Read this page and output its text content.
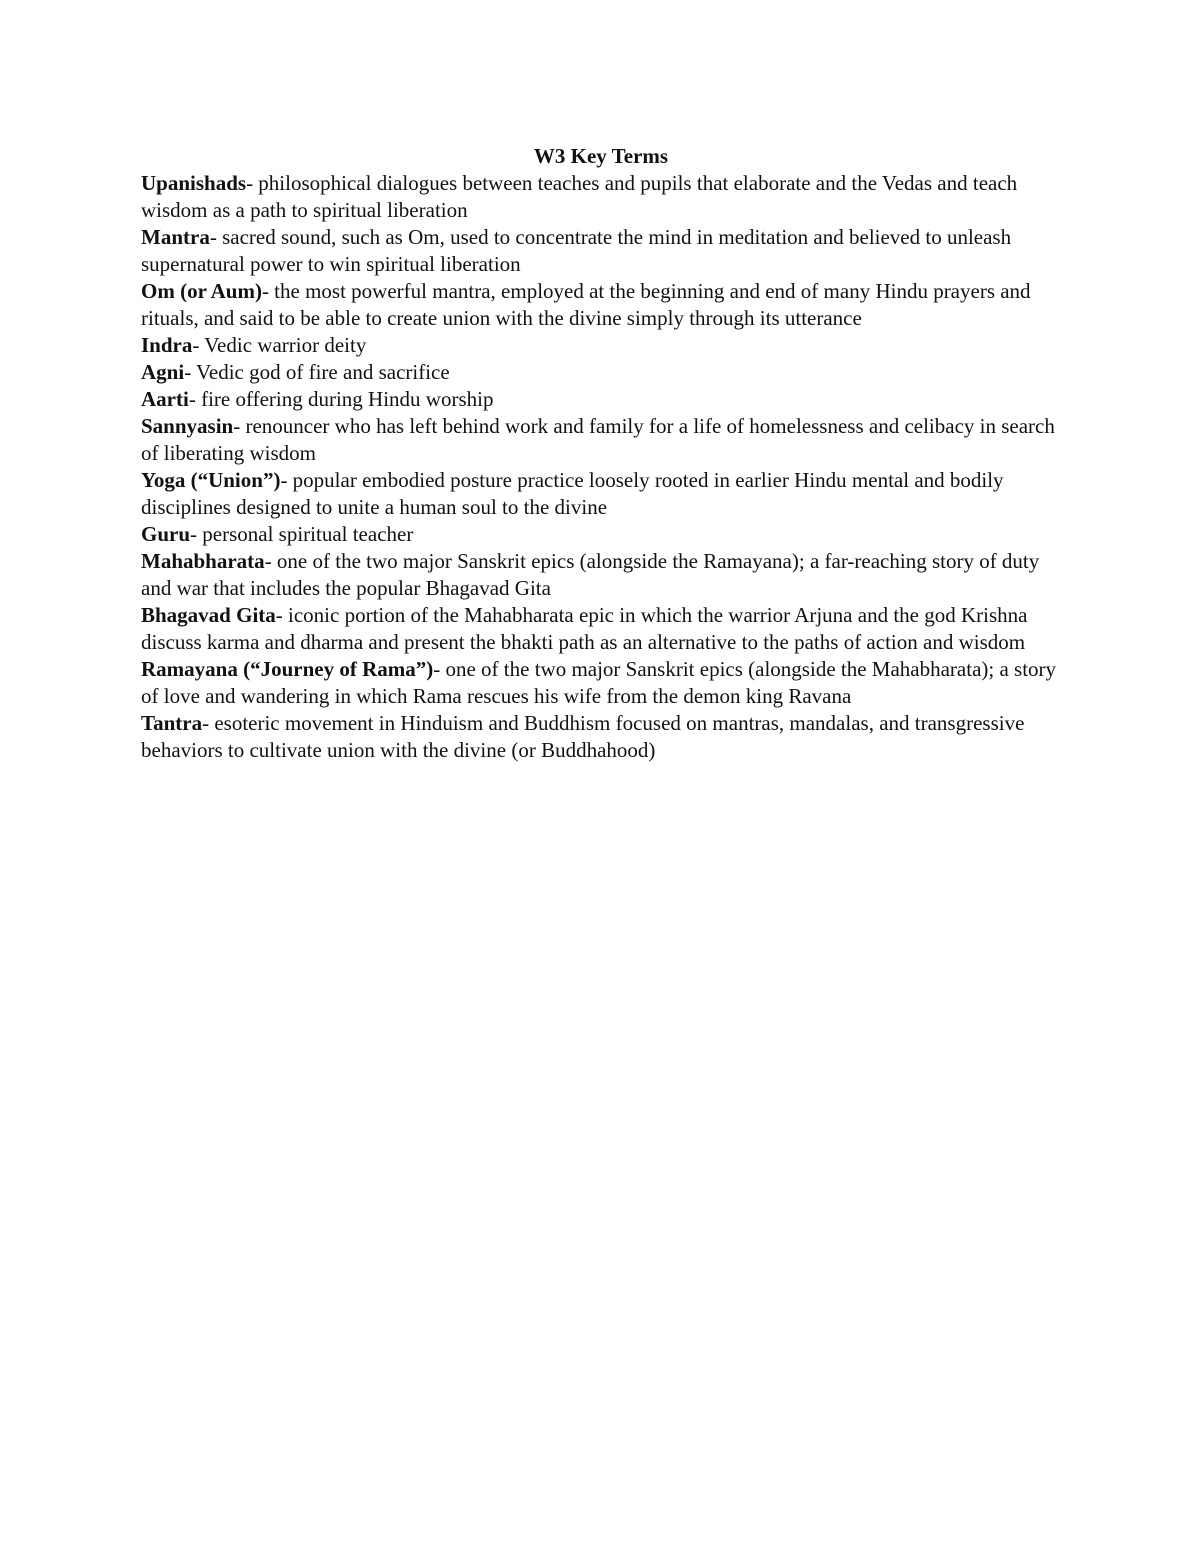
W3 Key Terms

Upanishads- philosophical dialogues between teaches and pupils that elaborate and the Vedas and teach wisdom as a path to spiritual liberation

Mantra- sacred sound, such as Om, used to concentrate the mind in meditation and believed to unleash supernatural power to win spiritual liberation

Om (or Aum)- the most powerful mantra, employed at the beginning and end of many Hindu prayers and rituals, and said to be able to create union with the divine simply through its utterance

Indra- Vedic warrior deity

Agni- Vedic god of fire and sacrifice

Aarti- fire offering during Hindu worship

Sannyasin- renouncer who has left behind work and family for a life of homelessness and celibacy in search of liberating wisdom

Yoga (“Union”)- popular embodied posture practice loosely rooted in earlier Hindu mental and bodily disciplines designed to unite a human soul to the divine

Guru- personal spiritual teacher

Mahabharata- one of the two major Sanskrit epics (alongside the Ramayana); a far-reaching story of duty and war that includes the popular Bhagavad Gita

Bhagavad Gita- iconic portion of the Mahabharata epic in which the warrior Arjuna and the god Krishna discuss karma and dharma and present the bhakti path as an alternative to the paths of action and wisdom

Ramayana (“Journey of Rama”)- one of the two major Sanskrit epics (alongside the Mahabharata); a story of love and wandering in which Rama rescues his wife from the demon king Ravana

Tantra- esoteric movement in Hinduism and Buddhism focused on mantras, mandalas, and transgressive behaviors to cultivate union with the divine (or Buddhahood)
